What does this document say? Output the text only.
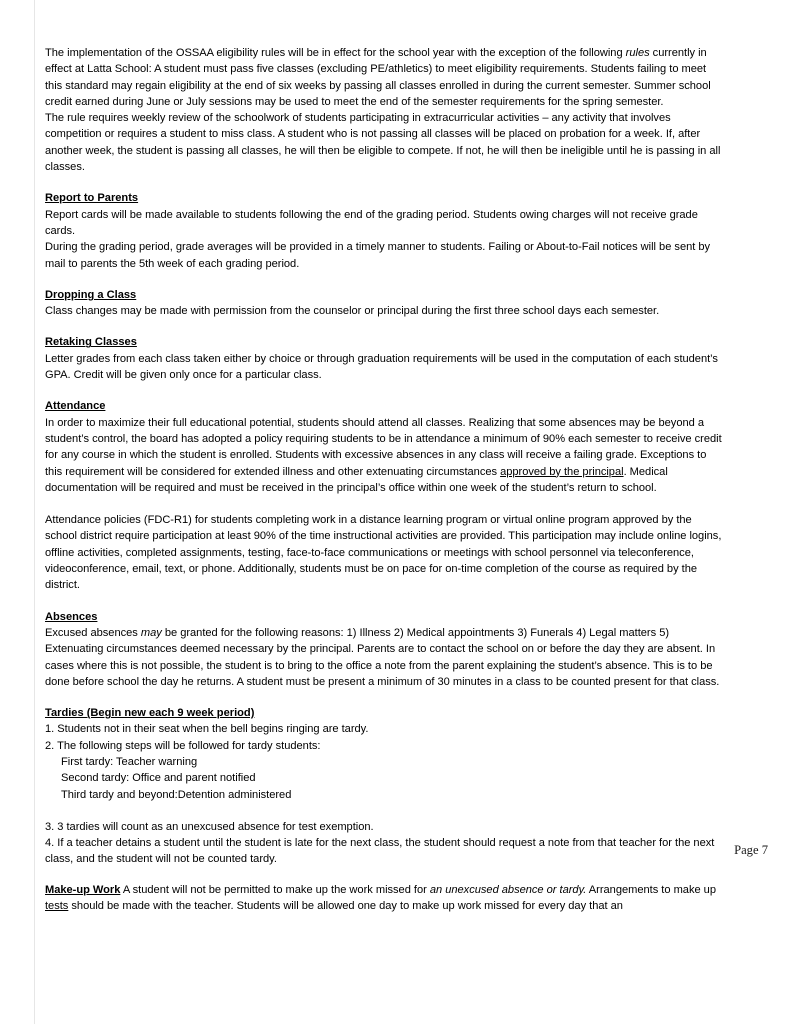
The implementation of the OSSAA eligibility rules will be in effect for the school year with the exception of the following rules currently in effect at Latta School: A student must pass five classes (excluding PE/athletics) to meet eligibility requirements. Students failing to meet this standard may regain eligibility at the end of six weeks by passing all classes enrolled in during the current semester. Summer school credit earned during June or July sessions may be used to meet the end of the semester requirements for the spring semester.

The rule requires weekly review of the schoolwork of students participating in extracurricular activities – any activity that involves competition or requires a student to miss class. A student who is not passing all classes will be placed on probation for a week. If, after another week, the student is passing all classes, he will then be eligible to compete. If not, he will then be ineligible until he is passing in all classes.

Report to Parents

Report cards will be made available to students following the end of the grading period. Students owing charges will not receive grade cards.

During the grading period, grade averages will be provided in a timely manner to students. Failing or About-to-Fail notices will be sent by mail to parents the 5th week of each grading period.

Dropping a Class

Class changes may be made with permission from the counselor or principal during the first three school days each semester.

Retaking Classes

Letter grades from each class taken either by choice or through graduation requirements will be used in the computation of each student’s GPA. Credit will be given only once for a particular class.

Attendance

In order to maximize their full educational potential, students should attend all classes. Realizing that some absences may be beyond a student’s control, the board has adopted a policy requiring students to be in attendance a minimum of 90% each semester to receive credit for any course in which the student is enrolled. Students with excessive absences in any class will receive a failing grade. Exceptions to this requirement will be considered for extended illness and other extenuating circumstances approved by the principal. Medical documentation will be required and must be received in the principal’s office within one week of the student’s return to school.

Attendance policies (FDC-R1) for students completing work in a distance learning program or virtual online program approved by the school district require participation at least 90% of the time instructional activities are provided. This participation may include online logins, offline activities, completed assignments, testing, face-to-face communications or meetings with school personnel via teleconference, videoconference, email, text, or phone. Additionally, students must be on pace for on-time completion of the course as required by the district.

Absences

Excused absences may be granted for the following reasons: 1) Illness 2) Medical appointments 3) Funerals 4) Legal matters 5) Extenuating circumstances deemed necessary by the principal. Parents are to contact the school on or before the day they are absent. In cases where this is not possible, the student is to bring to the office a note from the parent explaining the student’s absence. This is to be done before school the day he returns. A student must be present a minimum of 30 minutes in a class to be counted present for that class.

Tardies (Begin new each 9 week period)

1. Students not in their seat when the bell begins ringing are tardy.

2. The following steps will be followed for tardy students:

First tardy: Teacher warning

Second tardy: Office and parent notified

Third tardy and beyond:Detention administered

3. 3 tardies will count as an unexcused absence for test exemption.

4. If a teacher detains a student until the student is late for the next class, the student should request a note from that teacher for the next class, and the student will not be counted tardy.

Make-up Work A student will not be permitted to make up the work missed for an unexcused absence or tardy. Arrangements to make up tests should be made with the teacher. Students will be allowed one day to make up work missed for every day that an

Page 7
